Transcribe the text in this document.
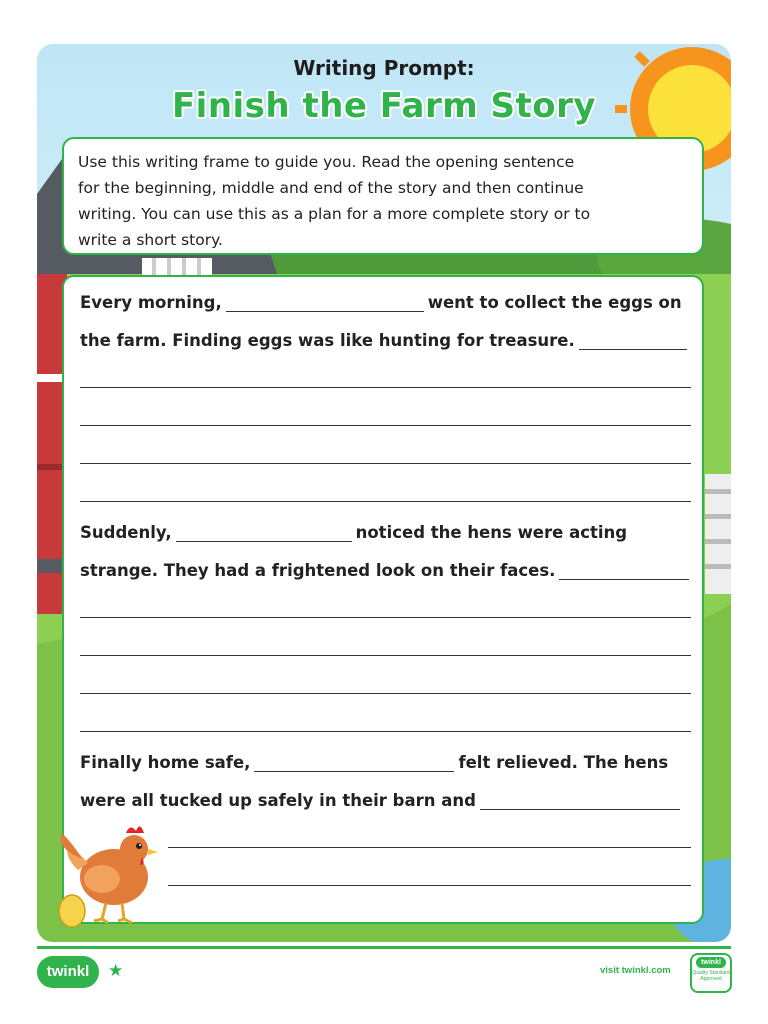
Writing Prompt:
Finish the Farm Story

Use this writing frame to guide you. Read the opening sentence
for the beginning, middle and end of the story and then continue
writing. You can use this as a plan for a more complete story or to
write a short story.

Every morning,	went to collect the eggs on
the farm. Finding eggs was like hunting for treasure.
Suddenly,	noticed the hens were acting
strange. They had a frightened look on their faces.
Finally home safe,	felt relieved. The hens
were all tucked up safely in their barn and
twinkl	★	visit twinkl.com
twinkl
Quality Standard Approved
